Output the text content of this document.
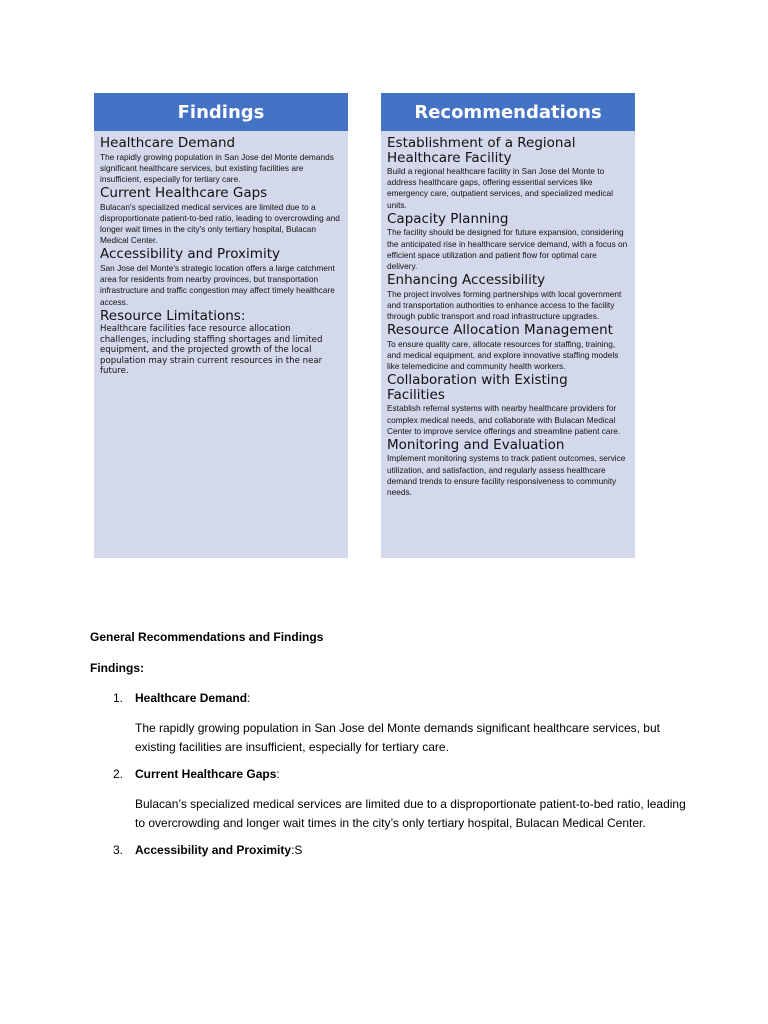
Findings

Healthcare Demand

The rapidly growing population in San Jose del Monte demands significant healthcare services, but existing facilities are insufficient, especially for tertiary care.

Current Healthcare Gaps

Bulacan's specialized medical services are limited due to a disproportionate patient-to-bed ratio, leading to overcrowding and longer wait times in the city's only tertiary hospital, Bulacan Medical Center.

Accessibility and Proximity

San Jose del Monte's strategic location offers a large catchment area for residents from nearby provinces, but transportation infrastructure and traffic congestion may affect timely healthcare access.

Resource Limitations:

Healthcare facilities face resource allocation challenges, including staffing shortages and limited equipment, and the projected growth of the local population may strain current resources in the near future.

Recommendations

Establishment of a Regional Healthcare Facility

Build a regional healthcare facility in San Jose del Monte to address healthcare gaps, offering essential services like emergency care, outpatient services, and specialized medical units.

Capacity Planning

The facility should be designed for future expansion, considering the anticipated rise in healthcare service demand, with a focus on efficient space utilization and patient flow for optimal care delivery.

Enhancing Accessibility

The project involves forming partnerships with local government and transportation authorities to enhance access to the facility through public transport and road infrastructure upgrades.

Resource Allocation Management

To ensure quality care, allocate resources for staffing, training, and medical equipment, and explore innovative staffing models like telemedicine and community health workers.

Collaboration with Existing Facilities

Establish referral systems with nearby healthcare providers for complex medical needs, and collaborate with Bulacan Medical Center to improve service offerings and streamline patient care.

Monitoring and Evaluation

Implement monitoring systems to track patient outcomes, service utilization, and satisfaction, and regularly assess healthcare demand trends to ensure facility responsiveness to community needs.

General Recommendations and Findings

Findings:

1. Healthcare Demand:

The rapidly growing population in San Jose del Monte demands significant healthcare services, but existing facilities are insufficient, especially for tertiary care.

2. Current Healthcare Gaps:

Bulacan’s specialized medical services are limited due to a disproportionate patient-to-bed ratio, leading to overcrowding and longer wait times in the city’s only tertiary hospital, Bulacan Medical Center.

3. Accessibility and Proximity:S
